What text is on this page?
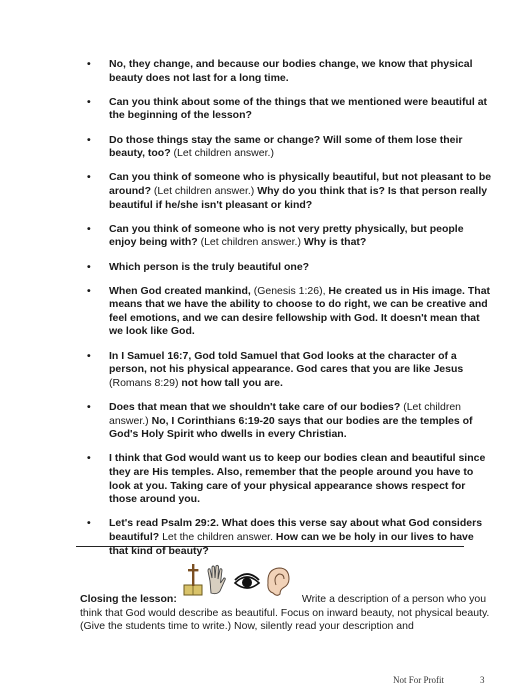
• No, they change, and because our bodies change, we know that physical beauty does not last for a long time.
• Can you think about some of the things that we mentioned were beautiful at the beginning of the lesson?
• Do those things stay the same or change? Will some of them lose their beauty, too? (Let children answer.)
• Can you think of someone who is physically beautiful, but not pleasant to be around? (Let children answer.) Why do you think that is? Is that person really beautiful if he/she isn't pleasant or kind?
• Can you think of someone who is not very pretty physically, but people enjoy being with? (Let children answer.) Why is that?
• Which person is the truly beautiful one?
• When God created mankind, (Genesis 1:26), He created us in His image. That means that we have the ability to choose to do right, we can be creative and feel emotions, and we can desire fellowship with God. It doesn't mean that we look like God.
• In I Samuel 16:7, God told Samuel that God looks at the character of a person, not his physical appearance. God cares that you are like Jesus (Romans 8:29) not how tall you are.
• Does that mean that we shouldn't take care of our bodies? (Let children answer.) No, I Corinthians 6:19-20 says that our bodies are the temples of God's Holy Spirit who dwells in every Christian.
• I think that God would want us to keep our bodies clean and beautiful since they are His temples. Also, remember that the people around you have to look at you. Taking care of your physical appearance shows respect for those around you.
• Let's read Psalm 29:2. What does this verse say about what God considers beautiful? Let the children answer. How can we be holy in our lives to have that kind of beauty?
Closing the lesson:	Write a description of a person who you think that God would describe as beautiful. Focus on inward beauty, not physical beauty. (Give the students time to write.) Now, silently read your description and
Not For Profit	3
